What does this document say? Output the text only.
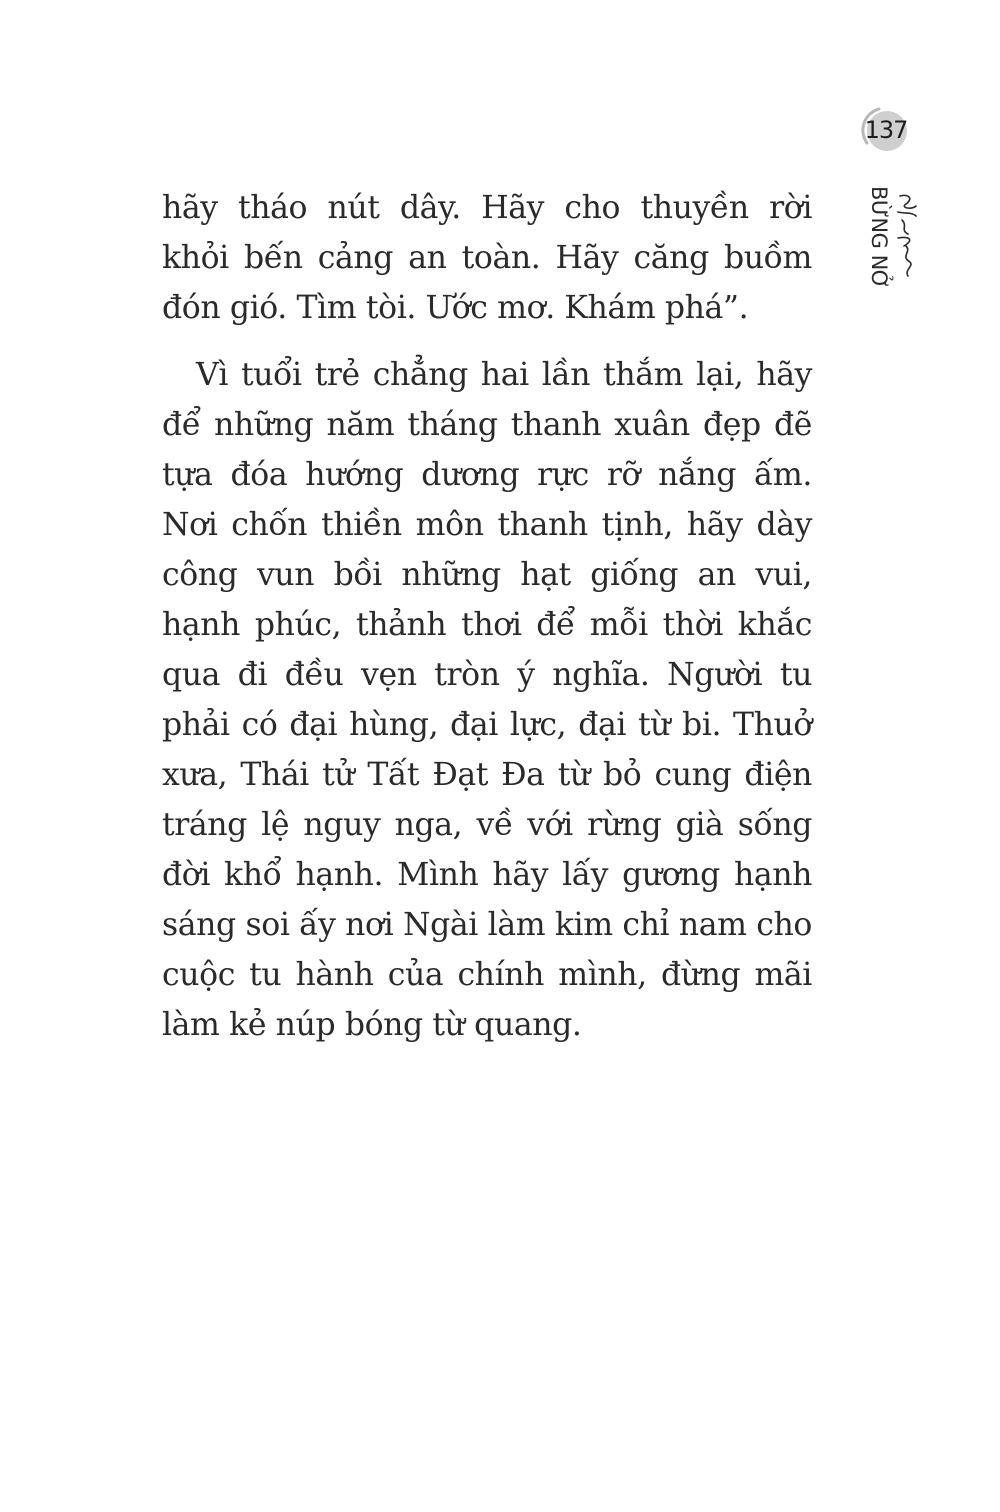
137
BỪNG NỞ

hãy tháo nút dây. Hãy cho thuyền rời khỏi bến cảng an toàn. Hãy căng buồm đón gió. Tìm tòi. Ước mơ. Khám phá”.

Vì tuổi trẻ chẳng hai lần thắm lại, hãy để những năm tháng thanh xuân đẹp đẽ tựa đóa hướng dương rực rỡ nắng ấm. Nơi chốn thiền môn thanh tịnh, hãy dày công vun bồi những hạt giống an vui, hạnh phúc, thảnh thơi để mỗi thời khắc qua đi đều vẹn tròn ý nghĩa. Người tu phải có đại hùng, đại lực, đại từ bi. Thuở xưa, Thái tử Tất Đạt Đa từ bỏ cung điện tráng lệ nguy nga, về với rừng già sống đời khổ hạnh. Mình hãy lấy gương hạnh sáng soi ấy nơi Ngài làm kim chỉ nam cho cuộc tu hành của chính mình, đừng mãi làm kẻ núp bóng từ quang.
